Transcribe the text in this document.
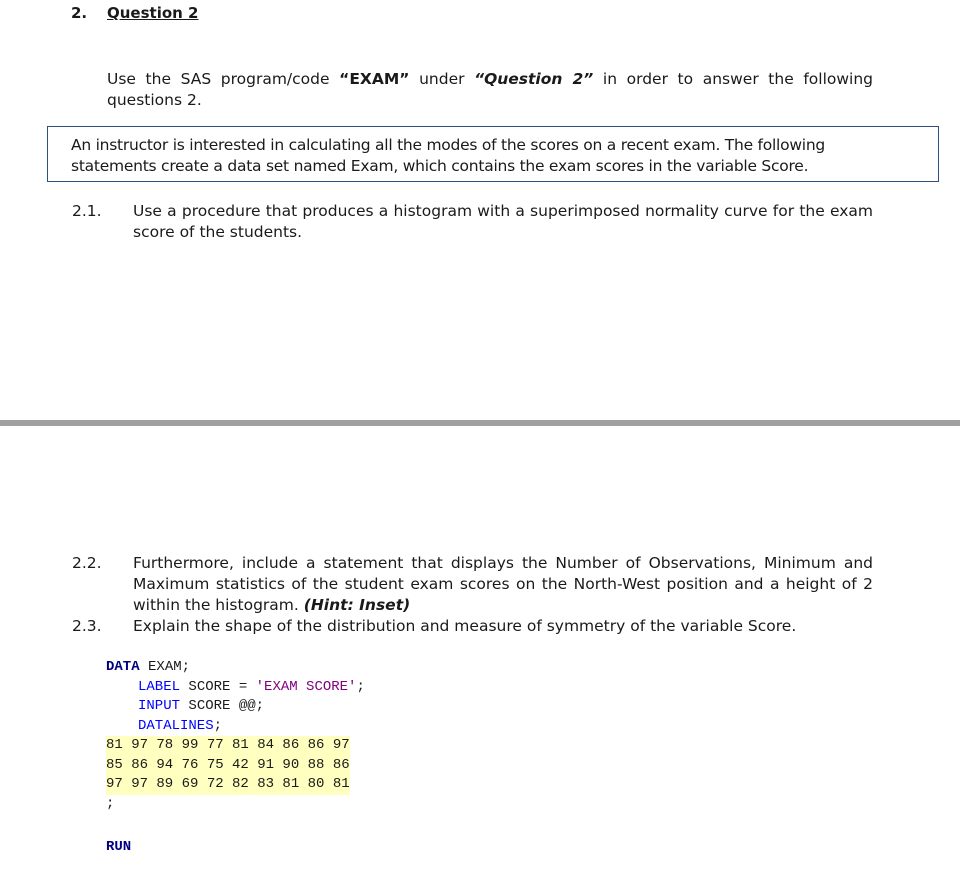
2. Question 2
Use the SAS program/code “EXAM” under “Question 2” in order to answer the following questions 2.
An instructor is interested in calculating all the modes of the scores on a recent exam. The following statements create a data set named Exam, which contains the exam scores in the variable Score.
2.1. Use a procedure that produces a histogram with a superimposed normality curve for the exam score of the students.
2.2. Furthermore, include a statement that displays the Number of Observations, Minimum and Maximum statistics of the student exam scores on the North-West position and a height of 2 within the histogram. (Hint: Inset)
2.3. Explain the shape of the distribution and measure of symmetry of the variable Score.
DATA EXAM;
LABEL SCORE = 'EXAM SCORE';
INPUT SCORE @@;
DATALINES;
81 97 78 99 77 81 84 86 86 97
85 86 94 76 75 42 91 90 88 86
97 97 89 69 72 82 83 81 80 81
;
RUN
